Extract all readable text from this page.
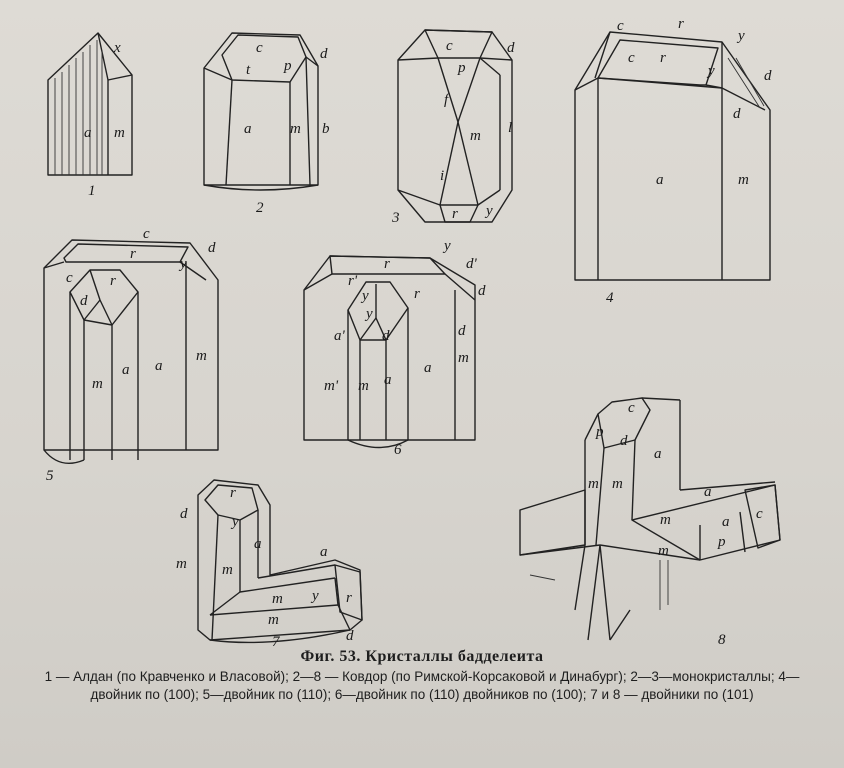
x
a m
1
c
t p
d
a	m b
2
c	d
p
f
l
m
i
r y
3
c	r
y
c r
y	d
d
a	m
4
c
r	d
c r
d
y
a
m
m
a
5
y
r	d'
r'
y	r	d
y
d
a'	d
m
m' m a
a
6
r
d	y
m
a
m
a
m y r
m
d
7
c
p
d
a
m m	a
m	a c
m
p
8
Фиг. 53. Кристаллы бадделеита
1 — Алдан (по Кравченко и Власовой); 2—8 — Ковдор (по Римской-Корсаковой и Динабург); 2—3—монокристаллы; 4—двойник по (100); 5—двойник по (110); 6—двойник по (110) двойников по (100); 7 и 8 — двойники по (101)
